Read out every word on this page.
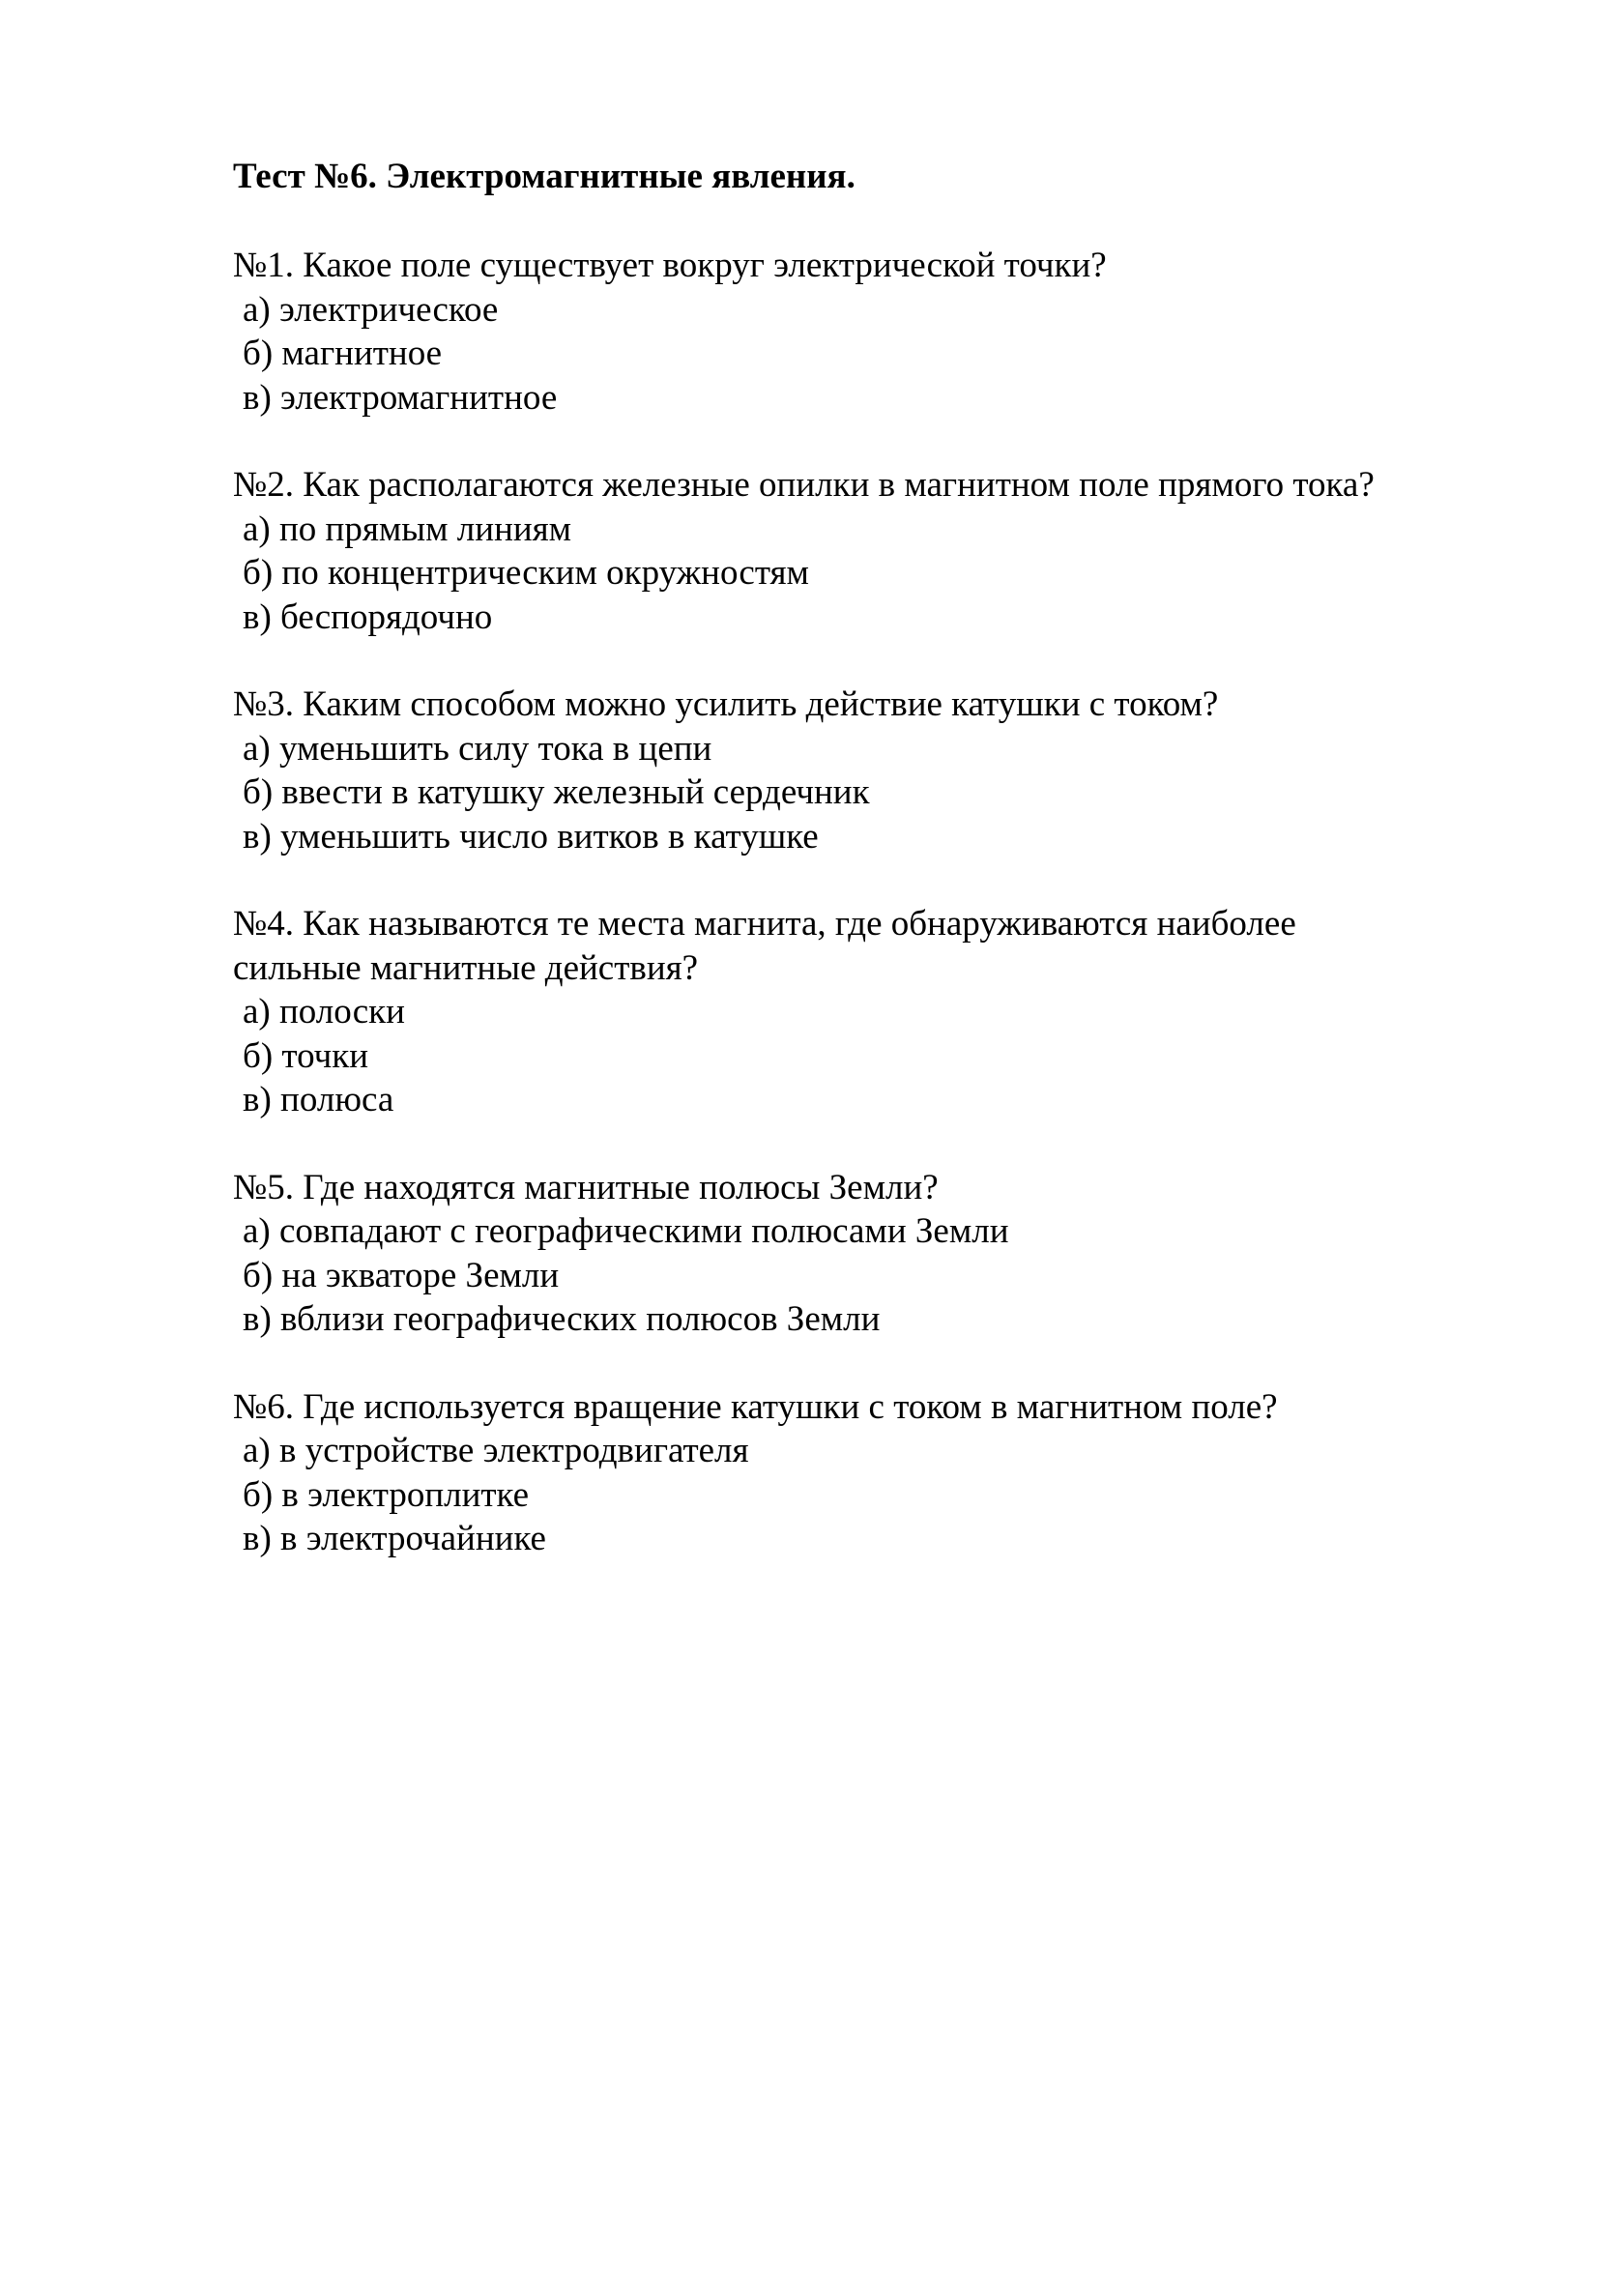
Тест №6. Электромагнитные явления.
№1. Какое поле существует вокруг электрической точки?
а) электрическое
б) магнитное
в) электромагнитное
№2. Как располагаются железные опилки в магнитном поле прямого тока?
а) по прямым линиям
б) по концентрическим окружностям
в) беспорядочно
№3. Каким способом можно усилить действие катушки с током?
а) уменьшить силу тока в цепи
б) ввести в катушку железный сердечник
в) уменьшить число витков в катушке
№4. Как называются те места магнита, где обнаруживаются наиболее
сильные магнитные действия?
а) полоски
б) точки
в) полюса
№5. Где находятся магнитные полюсы Земли?
а) совпадают с географическими полюсами Земли
б) на экваторе Земли
в) вблизи географических полюсов Земли
№6. Где используется вращение катушки с током в магнитном поле?
а) в устройстве электродвигателя
б) в электроплитке
в) в электрочайнике
